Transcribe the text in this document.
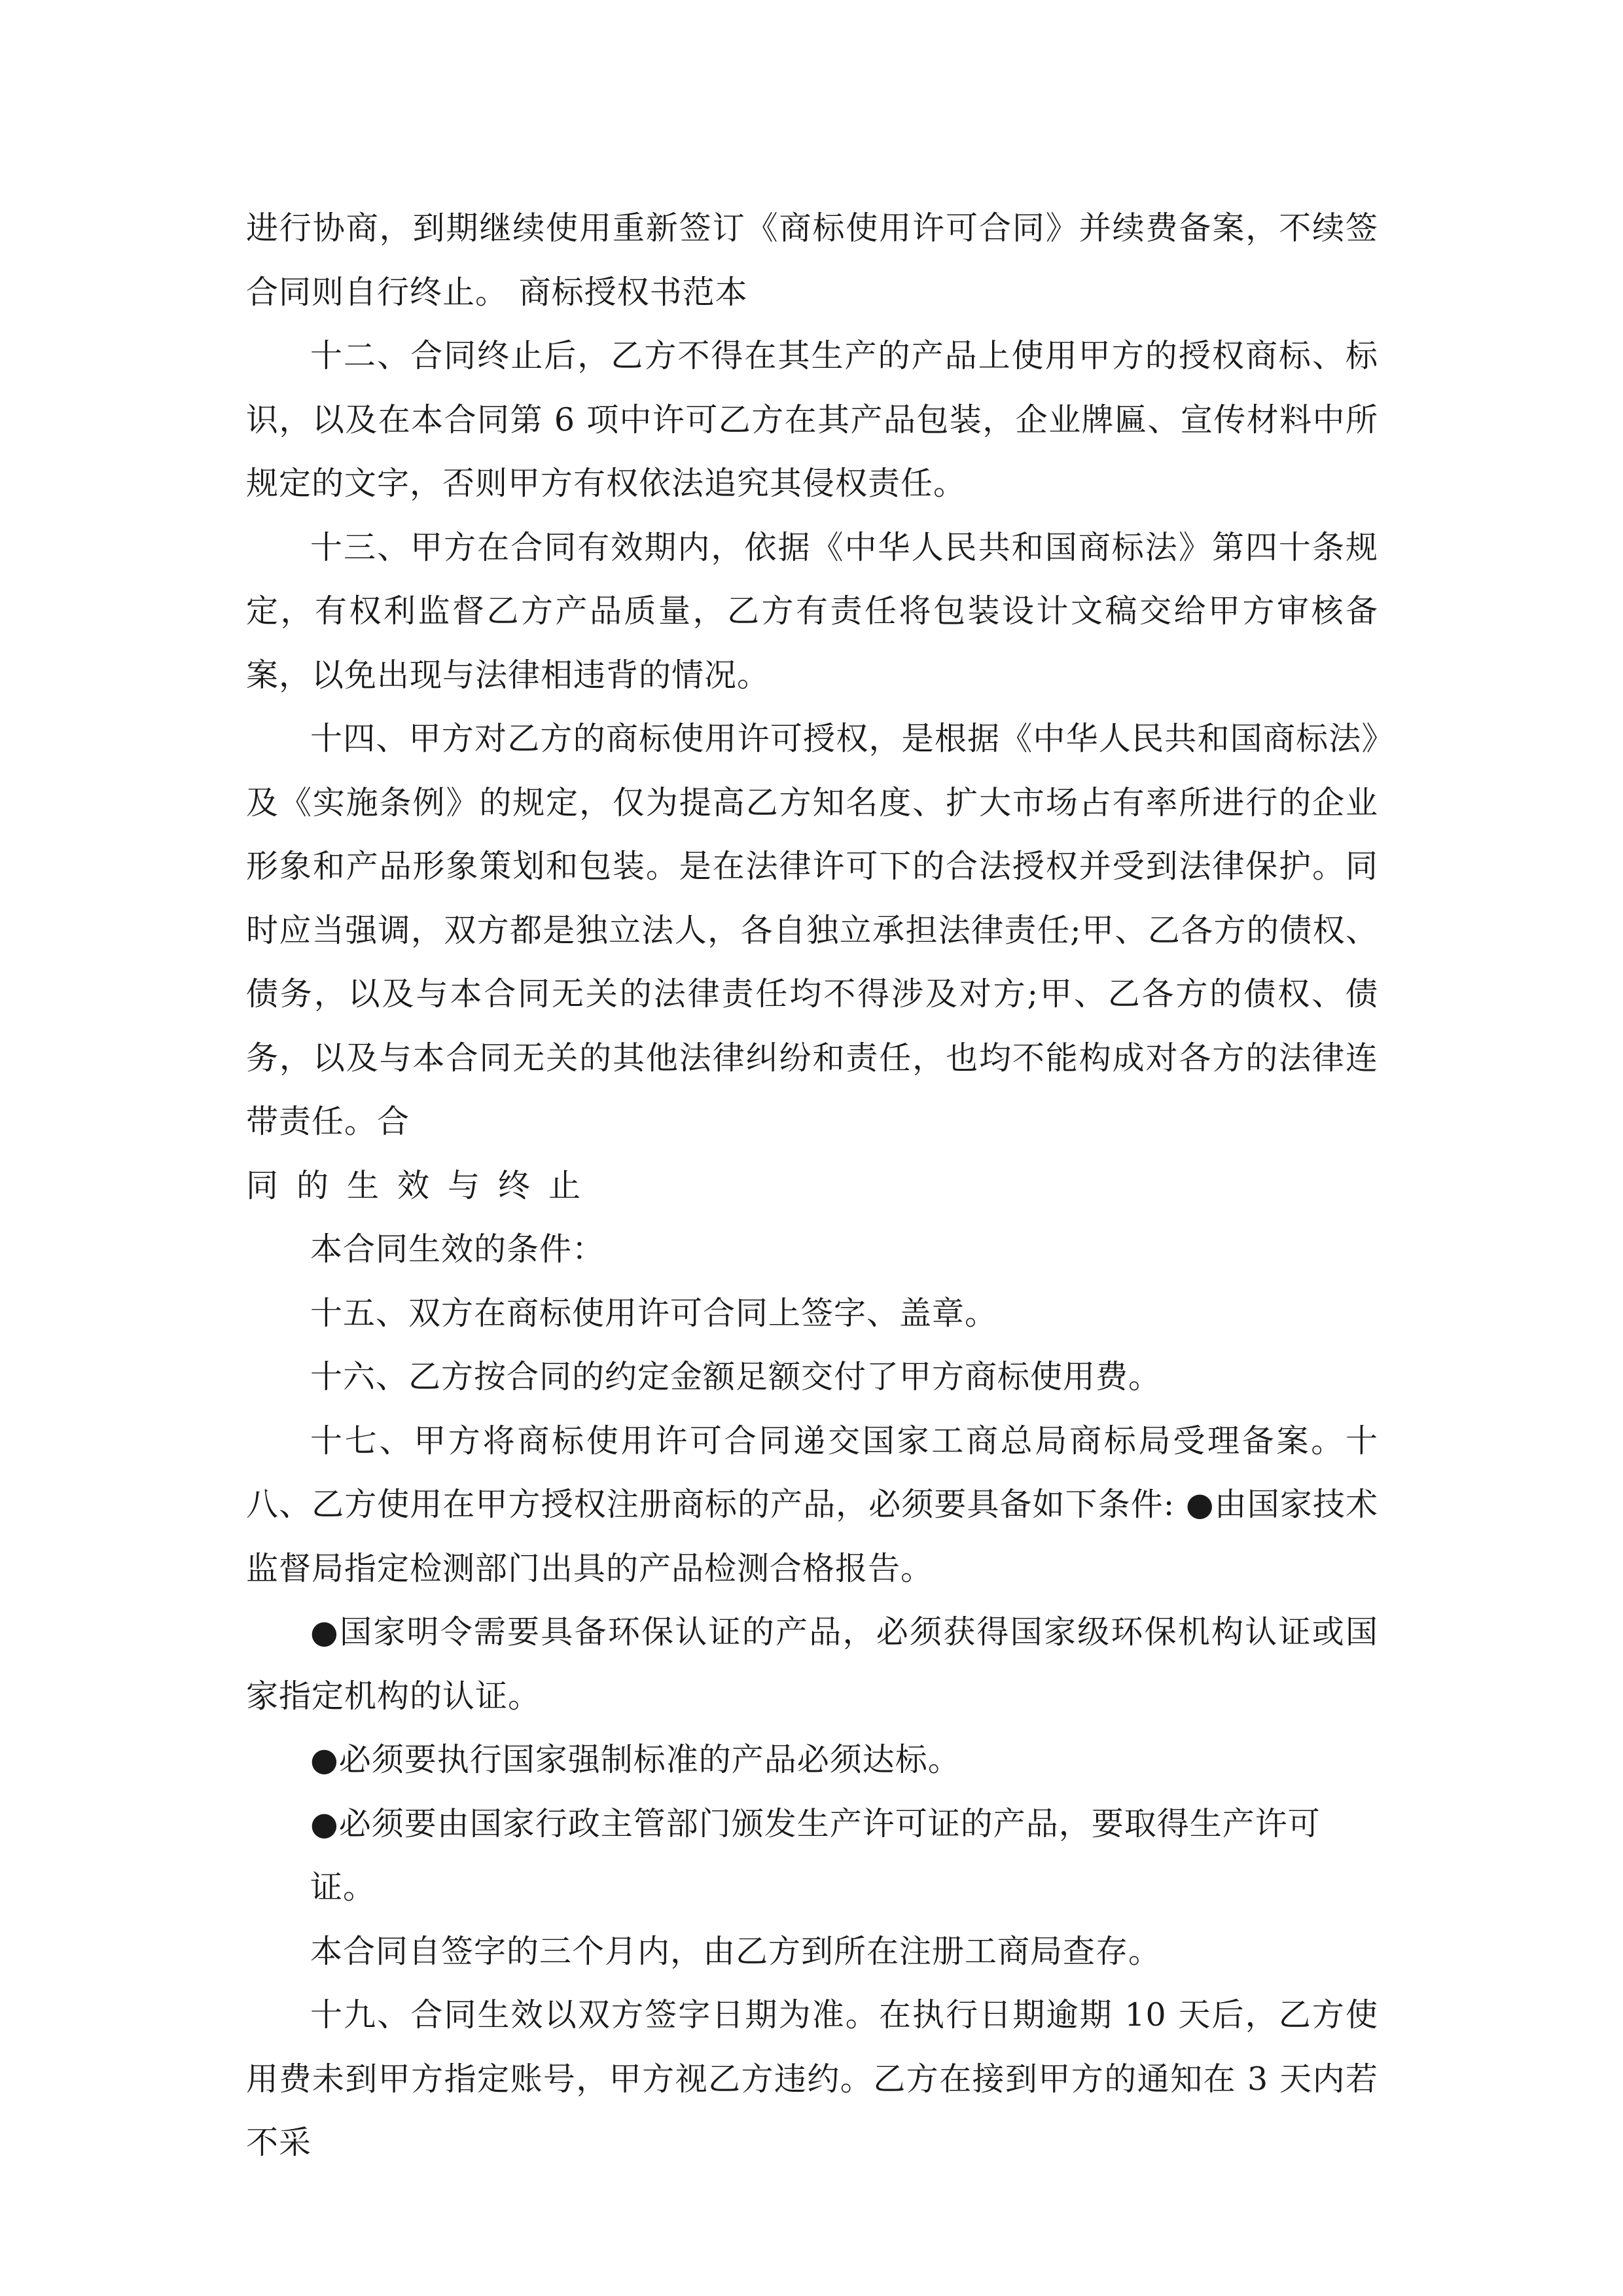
进行协商，到期继续使用重新签订《商标使用许可合同》并续费备案，不续签合同则自行终止。 商标授权书范本

十二、合同终止后，乙方不得在其生产的产品上使用甲方的授权商标、标识，以及在本合同第 6 项中许可乙方在其产品包装，企业牌匾、宣传材料中所规定的文字，否则甲方有权依法追究其侵权责任。

十三、甲方在合同有效期内，依据《中华人民共和国商标法》第四十条规定，有权利监督乙方产品质量，乙方有责任将包装设计文稿交给甲方审核备案，以免出现与法律相违背的情况。

十四、甲方对乙方的商标使用许可授权，是根据《中华人民共和国商标法》及《实施条例》的规定，仅为提高乙方知名度、扩大市场占有率所进行的企业形象和产品形象策划和包装。是在法律许可下的合法授权并受到法律保护。同时应当强调，双方都是独立法人，各自独立承担法律责任;甲、乙各方的债权、债务，以及与本合同无关的法律责任均不得涉及对方;甲、乙各方的债权、债务，以及与本合同无关的其他法律纠纷和责任，也均不能构成对各方的法律连带责任。合

同的生效与终止

本合同生效的条件：

十五、双方在商标使用许可合同上签字、盖章。

十六、乙方按合同的约定金额足额交付了甲方商标使用费。

十七、甲方将商标使用许可合同递交国家工商总局商标局受理备案。十八、乙方使用在甲方授权注册商标的产品，必须要具备如下条件: ●由国家技术监督局指定检测部门出具的产品检测合格报告。

●国家明令需要具备环保认证的产品，必须获得国家级环保机构认证或国家指定机构的认证。

●必须要执行国家强制标准的产品必须达标。

●必须要由国家行政主管部门颁发生产许可证的产品，要取得生产许可

证。

本合同自签字的三个月内，由乙方到所在注册工商局查存。

十九、合同生效以双方签字日期为准。在执行日期逾期 10 天后，乙方使用费未到甲方指定账号，甲方视乙方违约。乙方在接到甲方的通知在 3 天内若不采
